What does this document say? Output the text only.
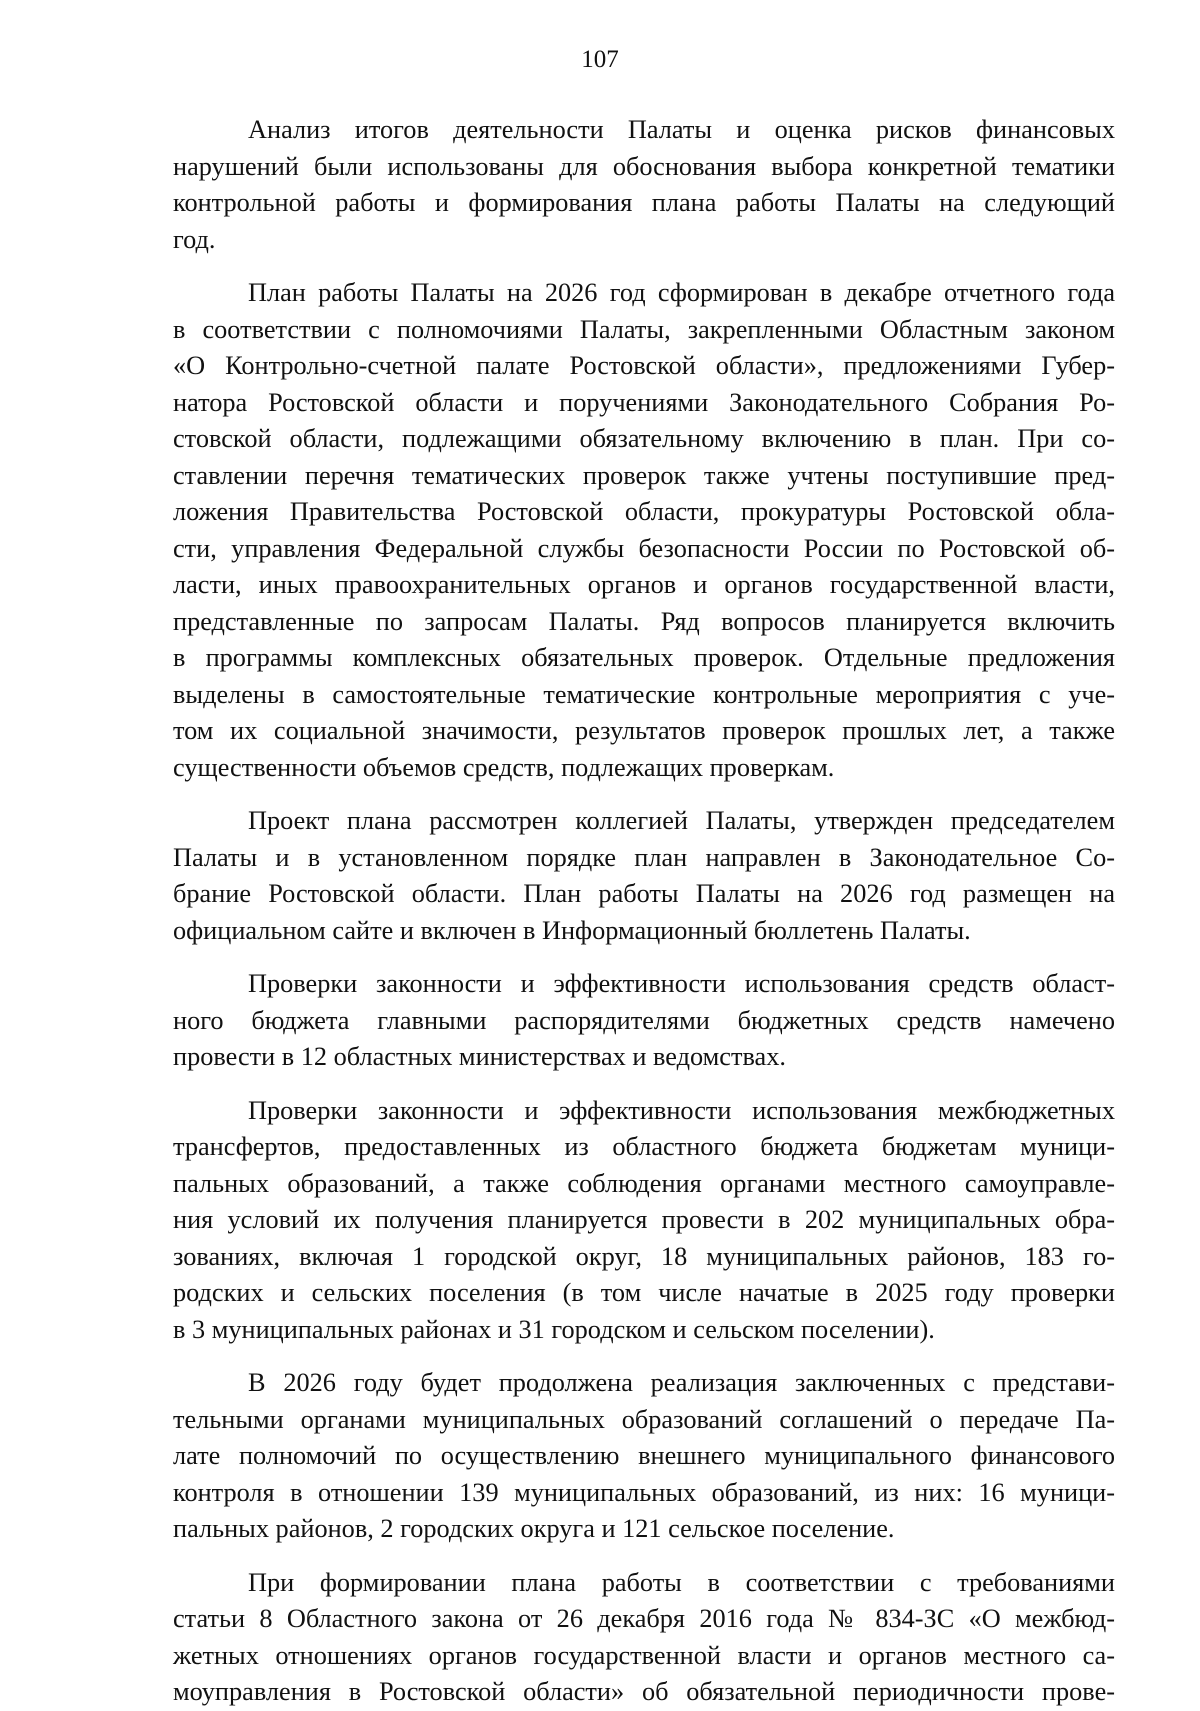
107

Анализ итогов деятельности Палаты и оценка рисков финансовых
нарушений были использованы для обоснования выбора конкретной тематики
контрольной работы и формирования плана работы Палаты на следующий
год.

План работы Палаты на 2026 год сформирован в декабре отчетного года
в соответствии с полномочиями Палаты, закрепленными Областным законом
«О Контрольно-счетной палате Ростовской области», предложениями Губер-
натора Ростовской области и поручениями Законодательного Собрания Ро-
стовской области, подлежащими обязательному включению в план. При со-
ставлении перечня тематических проверок также учтены поступившие пред-
ложения Правительства Ростовской области, прокуратуры Ростовской обла-
сти, управления Федеральной службы безопасности России по Ростовской об-
ласти, иных правоохранительных органов и органов государственной власти,
представленные по запросам Палаты. Ряд вопросов планируется включить
в программы комплексных обязательных проверок. Отдельные предложения
выделены в самостоятельные тематические контрольные мероприятия с уче-
том их социальной значимости, результатов проверок прошлых лет, а также
существенности объемов средств, подлежащих проверкам.

Проект плана рассмотрен коллегией Палаты, утвержден председателем
Палаты и в установленном порядке план направлен в Законодательное Со-
брание Ростовской области. План работы Палаты на 2026 год размещен на
официальном сайте и включен в Информационный бюллетень Палаты.

Проверки законности и эффективности использования средств област-
ного бюджета главными распорядителями бюджетных средств намечено
провести в 12 областных министерствах и ведомствах.

Проверки законности и эффективности использования межбюджетных
трансфертов, предоставленных из областного бюджета бюджетам муници-
пальных образований, а также соблюдения органами местного самоуправле-
ния условий их получения планируется провести в 202 муниципальных обра-
зованиях, включая 1 городской округ, 18 муниципальных районов, 183 го-
родских и сельских поселения (в том числе начатые в 2025 году проверки
в 3 муниципальных районах и 31 городском и сельском поселении).

В 2026 году будет продолжена реализация заключенных с представи-
тельными органами муниципальных образований соглашений о передаче Па-
лате полномочий по осуществлению внешнего муниципального финансового
контроля в отношении 139 муниципальных образований, из них: 16 муници-
пальных районов, 2 городских округа и 121 сельское поселение.

При формировании плана работы в соответствии с требованиями
статьи 8 Областного закона от 26 декабря 2016 года № 834-ЗС «О межбюд-
жетных отношениях органов государственной власти и органов местного са-
моуправления в Ростовской области» об обязательной периодичности прове-
